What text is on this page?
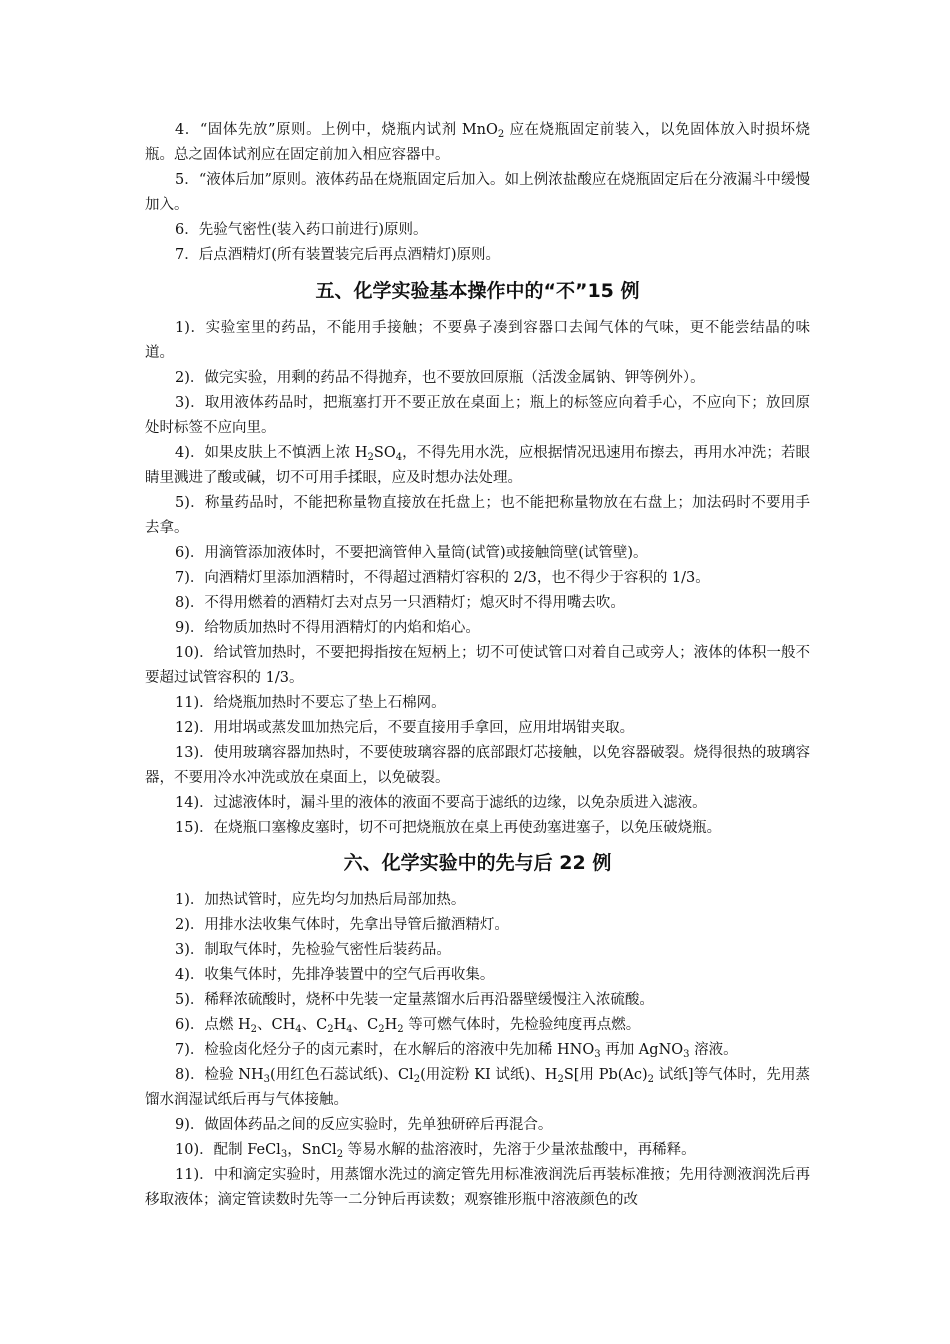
4．“固体先放”原则。上例中，烧瓶内试剂 MnO$_2$ 应在烧瓶固定前装入，以免固体放入时损坏烧瓶。总之固体试剂应在固定前加入相应容器中。

5．“液体后加”原则。液体药品在烧瓶固定后加入。如上例浓盐酸应在烧瓶固定后在分液漏斗中缓慢加入。

6．先验气密性(装入药口前进行)原则。

7．后点酒精灯(所有装置装完后再点酒精灯)原则。

五、化学实验基本操作中的“不”15 例

1)．实验室里的药品，不能用手接触；不要鼻子凑到容器口去闻气体的气味，更不能尝结晶的味道。

2)．做完实验，用剩的药品不得抛弃，也不要放回原瓶（活泼金属钠、钾等例外）。

3)．取用液体药品时，把瓶塞打开不要正放在桌面上；瓶上的标签应向着手心，不应向下；放回原处时标签不应向里。

4)．如果皮肤上不慎洒上浓 $H_2SO_4$，不得先用水洗，应根据情况迅速用布擦去，再用水冲洗；若眼睛里溅进了酸或碱，切不可用手揉眼，应及时想办法处理。

5)．称量药品时，不能把称量物直接放在托盘上；也不能把称量物放在右盘上；加法码时不要用手去拿。

6)．用滴管添加液体时，不要把滴管伸入量筒(试管)或接触筒壁(试管壁)。

7)．向酒精灯里添加酒精时，不得超过酒精灯容积的 2/3，也不得少于容积的 1/3。

8)．不得用燃着的酒精灯去对点另一只酒精灯；熄灭时不得用嘴去吹。

9)．给物质加热时不得用酒精灯的内焰和焰心。

10)．给试管加热时，不要把拇指按在短柄上；切不可使试管口对着自己或旁人；液体的体积一般不要超过试管容积的 1/3。

11)．给烧瓶加热时不要忘了垫上石棉网。

12)．用坩埚或蒸发皿加热完后，不要直接用手拿回，应用坩埚钳夹取。

13)．使用玻璃容器加热时，不要使玻璃容器的底部跟灯芯接触，以免容器破裂。烧得很热的玻璃容器，不要用冷水冲洗或放在桌面上，以免破裂。

14)．过滤液体时，漏斗里的液体的液面不要高于滤纸的边缘，以免杂质进入滤液。

15)．在烧瓶口塞橡皮塞时，切不可把烧瓶放在桌上再使劲塞进塞子，以免压破烧瓶。

六、化学实验中的先与后 22 例

1)．加热试管时，应先均匀加热后局部加热。

2)．用排水法收集气体时，先拿出导管后撤酒精灯。

3)．制取气体时，先检验气密性后装药品。

4)．收集气体时，先排净装置中的空气后再收集。

5)．稀释浓硫酸时，烧杯中先装一定量蒸馏水后再沿器壁缓慢注入浓硫酸。

6)．点燃 $H_2$、$CH_4$、$C_2H_4$、$C_2H_2$ 等可燃气体时，先检验纯度再点燃。

7)．检验卤化烃分子的卤元素时，在水解后的溶液中先加稀 $HNO_3$ 再加 AgNO$_3$ 溶液。

8)．检验 $NH_3$(用红色石蕊试纸)、$Cl_2$(用淀粉 KI 试纸)、$H_2S$[用 $Pb(Ac)_2$ 试纸]等气体时，先用蒸馏水润湿试纸后再与气体接触。

9)．做固体药品之间的反应实验时，先单独研碎后再混合。

10)．配制 FeCl$_3$，SnCl$_2$ 等易水解的盐溶液时，先溶于少量浓盐酸中，再稀释。

11)．中和滴定实验时，用蒸馏水洗过的滴定管先用标准液润洗后再装标准掖；先用待测液润洗后再移取液体；滴定管读数时先等一二分钟后再读数；观察锥形瓶中溶液颜色的改
